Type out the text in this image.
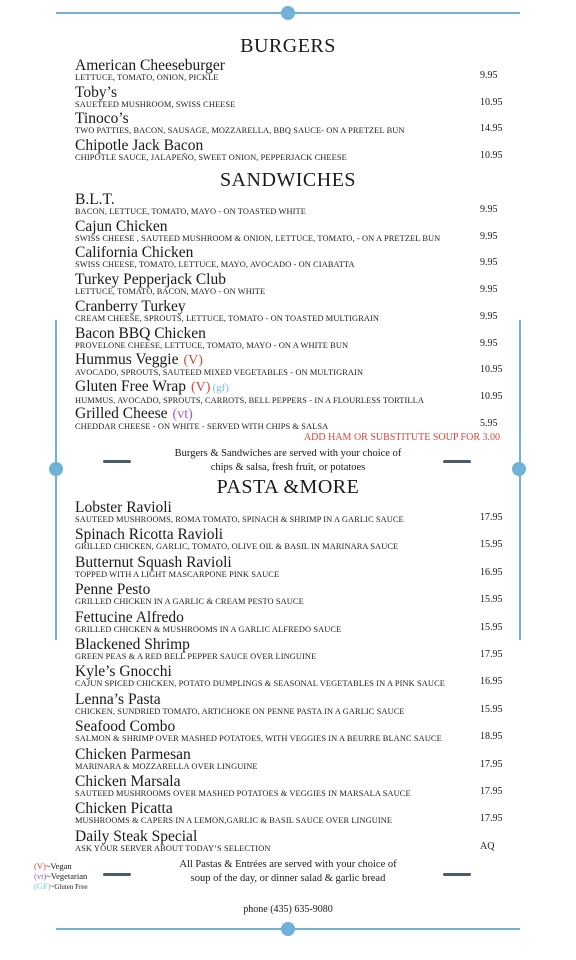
BURGERS
American Cheeseburger
LETTUCE, TOMATO, ONION, PICKLE	9.95
Toby’s
SAUETEED MUSHROOM, SWISS CHEESE	10.95
Tinoco’s
TWO PATTIES, BACON, SAUSAGE, MOZZARELLA, BBQ SAUCE- ON A PRETZEL BUN	14.95
Chipotle Jack Bacon
CHIPOTLE SAUCE, JALAPEÑO, SWEET ONION, PEPPERJACK CHEESE	10.95
SANDWICHES
B.L.T.
BACON, LETTUCE, TOMATO, MAYO - ON TOASTED WHITE	9.95
Cajun Chicken
SWISS CHEESE , SAUTEED MUSHROOM & ONION, LETTUCE, TOMATO, - ON A PRETZEL BUN	9.95
California Chicken
SWISS CHEESE, TOMATO, LETTUCE, MAYO, AVOCADO - ON CIABATTA	9.95
Turkey Pepperjack Club
LETTUCE, TOMATO, BACON, MAYO - ON WHITE	9.95
Cranberry Turkey
CREAM CHEESE, SPROUTS, LETTUCE, TOMATO - ON TOASTED MULTIGRAIN	9.95
Bacon BBQ Chicken
PROVELONE CHEESE, LETTUCE, TOMATO, MAYO - ON A WHITE BUN	9.95
Hummus Veggie (V)
AVOCADO, SPROUTS, SAUTEED MIXED VEGETABLES - ON MULTIGRAIN	10.95
Gluten Free Wrap (V) (gf)
HUMMUS, AVOCADO, SPROUTS, CARROTS, BELL PEPPERS - IN A FLOURLESS TORTILLA	10.95
Grilled Cheese (vt)
CHEDDAR CHEESE - ON WHITE - SERVED WITH CHIPS & SALSA	5.95
ADD HAM OR SUBSTITUTE SOUP FOR 3.00
Burgers & Sandwiches are served with your choice of
chips & salsa, fresh fruit, or potatoes
PASTA &MORE
Lobster Ravioli
SAUTEED MUSHROOMS, ROMA TOMATO, SPINACH & SHRIMP IN A GARLIC SAUCE	17.95
Spinach Ricotta Ravioli
GRILLED CHICKEN, GARLIC, TOMATO, OLIVE OIL & BASIL IN MARINARA SAUCE	15.95
Butternut Squash Ravioli
TOPPED WITH A LIGHT MASCARPONE PINK SAUCE	16.95
Penne Pesto
GRILLED CHICKEN IN A GARLIC & CREAM PESTO SAUCE	15.95
Fettucine Alfredo
GRILLED CHICKEN & MUSHROOMS IN A GARLIC ALFREDO SAUCE	15.95
Blackened Shrimp
GREEN PEAS & A RED BELL PEPPER SAUCE OVER LINGUINE	17.95
Kyle’s Gnocchi
CAJUN SPICED CHICKEN, POTATO DUMPLINGS & SEASONAL VEGETABLES IN A PINK SAUCE	16.95
Lenna’s Pasta
CHICKEN, SUNDRIED TOMATO, ARTICHOKE ON PENNE PASTA IN A GARLIC SAUCE	15.95
Seafood Combo
SALMON & SHRIMP OVER MASHED POTATOES, WITH VEGGIES IN A BEURRE BLANC SAUCE	18.95
Chicken Parmesan
MARINARA & MOZZARELLA OVER LINGUINE	17.95
Chicken Marsala
SAUTEED MUSHROOMS OVER MASHED POTATOES & VEGGIES IN MARSALA SAUCE	17.95
Chicken Picatta
MUSHROOMS & CAPERS IN A LEMON,GARLIC & BASIL SAUCE OVER LINGUINE	17.95
Daily Steak Special
ASK YOUR SERVER ABOUT TODAY’S SELECTION	AQ
(V)~Vegan
(vt)~Vegetarian
(GF)~Gluten Free
All Pastas & Entrées are served with your choice of
soup of the day, or dinner salad & garlic bread
phone (435) 635-9080
